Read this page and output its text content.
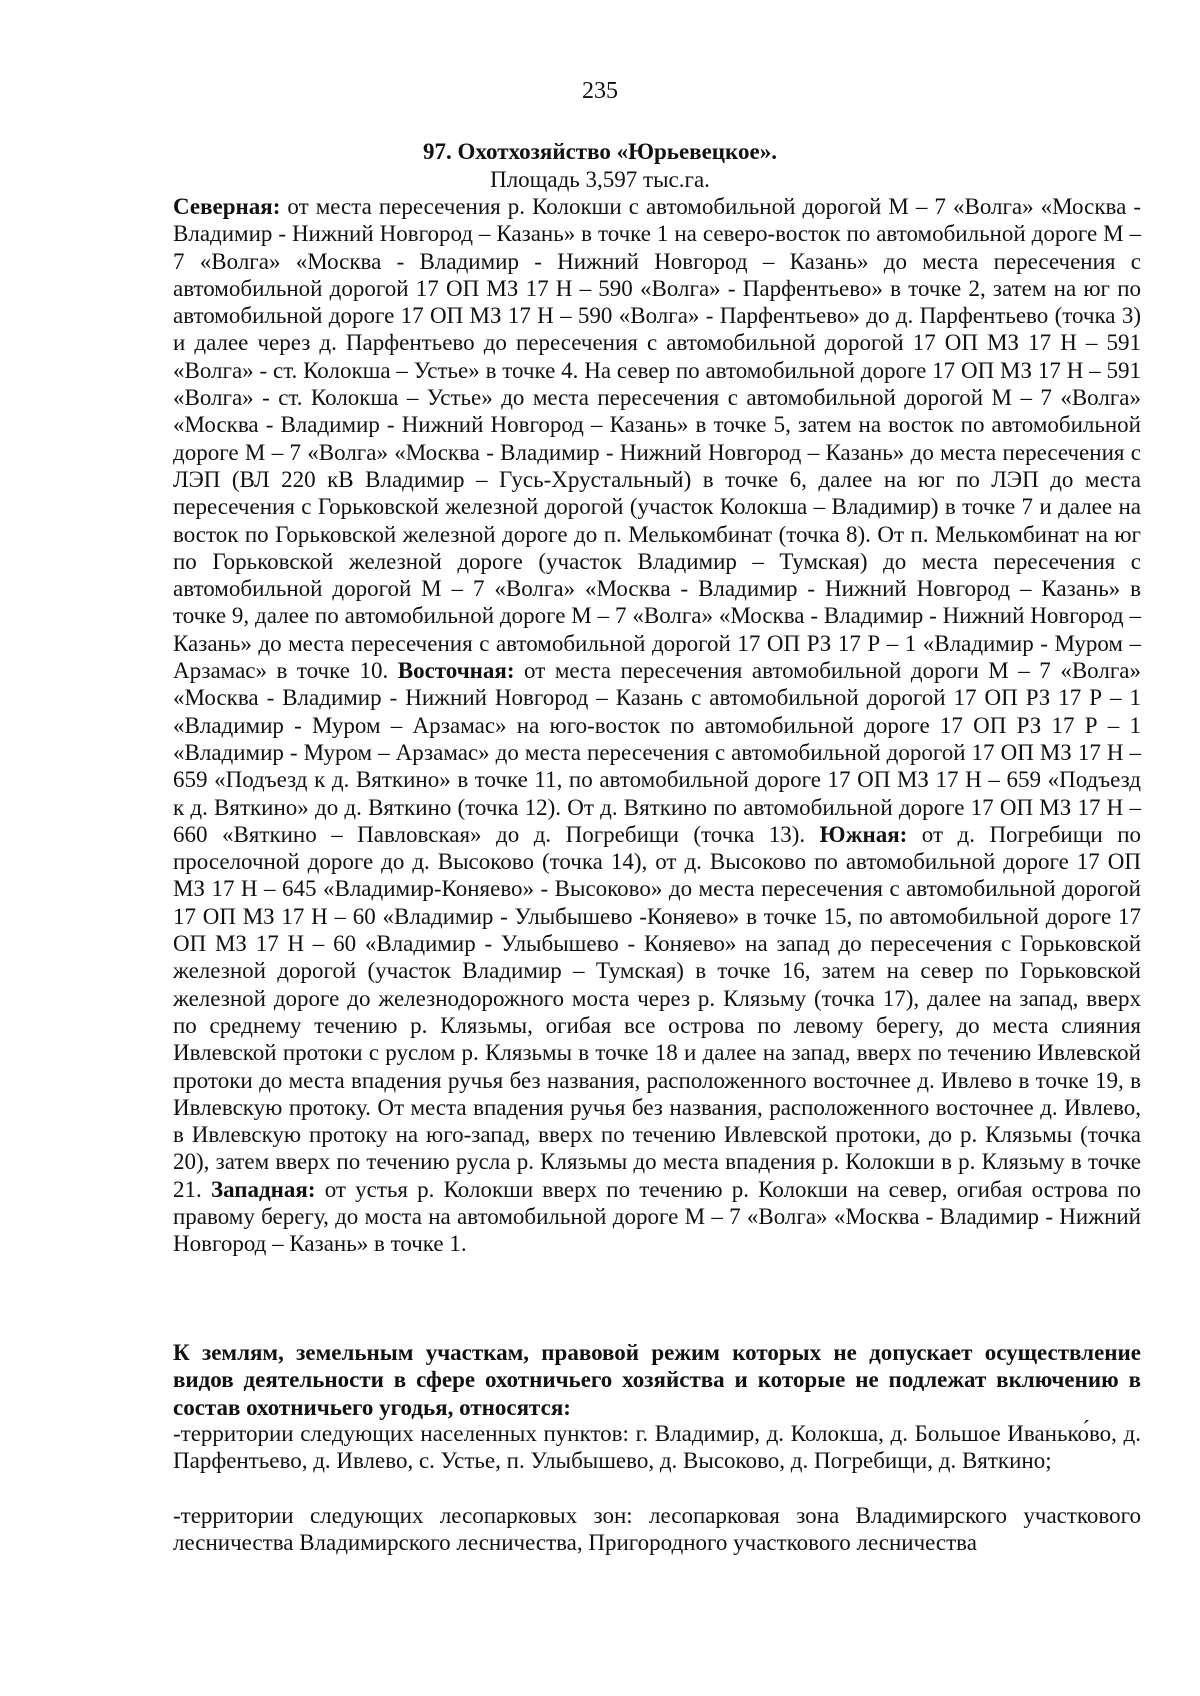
235
97. Охотхозяйство «Юрьевецкое».
Площадь 3,597 тыс.га.

Северная: от места пересечения р. Колокши с автомобильной дорогой М – 7 «Волга» «Москва - Владимир - Нижний Новгород – Казань» в точке 1 на северо-восток по автомобильной дороге М – 7 «Волга» «Москва - Владимир - Нижний Новгород – Казань» до места пересечения с автомобильной дорогой 17 ОП МЗ 17 Н – 590 «Волга» - Парфентьево» в точке 2, затем на юг по автомобильной дороге 17 ОП МЗ 17 Н – 590 «Волга» - Парфентьево» до д. Парфентьево (точка 3) и далее через д. Парфентьево до пересечения с автомобильной дорогой 17 ОП МЗ 17 Н – 591 «Волга» - ст. Колокша – Устье» в точке 4. На север по автомобильной дороге 17 ОП МЗ 17 Н – 591 «Волга» - ст. Колокша – Устье» до места пересечения с автомобильной дорогой М – 7 «Волга» «Москва - Владимир - Нижний Новгород – Казань» в точке 5, затем на восток по автомобильной дороге М – 7 «Волга» «Москва - Владимир - Нижний Новгород – Казань» до места пересечения с ЛЭП (ВЛ 220 кВ Владимир – Гусь-Хрустальный) в точке 6, далее на юг по ЛЭП до места пересечения с Горьковской железной дорогой (участок Колокша – Владимир) в точке 7 и далее на восток по Горьковской железной дороге до п. Мелькомбинат (точка 8). От п. Мелькомбинат на юг по Горьковской железной дороге (участок Владимир – Тумская) до места пересечения с автомобильной дорогой М – 7 «Волга» «Москва - Владимир - Нижний Новгород – Казань» в точке 9, далее по автомобильной дороге М – 7 «Волга» «Москва - Владимир - Нижний Новгород – Казань» до места пересечения с автомобильной дорогой 17 ОП РЗ 17 Р – 1 «Владимир - Муром – Арзамас» в точке 10. Восточная: от места пересечения автомобильной дороги М – 7 «Волга» «Москва - Владимир - Нижний Новгород – Казань с автомобильной дорогой 17 ОП РЗ 17 Р – 1 «Владимир - Муром – Арзамас» на юго-восток по автомобильной дороге 17 ОП РЗ 17 Р – 1 «Владимир - Муром – Арзамас» до места пересечения с автомобильной дорогой 17 ОП МЗ 17 Н – 659 «Подъезд к д. Вяткино» в точке 11, по автомобильной дороге 17 ОП МЗ 17 Н – 659 «Подъезд к д. Вяткино» до д. Вяткино (точка 12). От д. Вяткино по автомобильной дороге 17 ОП МЗ 17 Н – 660 «Вяткино – Павловская» до д. Погребищи (точка 13). Южная: от д. Погребищи по проселочной дороге до д. Высоково (точка 14), от д. Высоково по автомобильной дороге 17 ОП МЗ 17 Н – 645 «Владимир-Коняево» - Высоково» до места пересечения с автомобильной дорогой 17 ОП МЗ 17 Н – 60 «Владимир - Улыбышево -Коняево» в точке 15, по автомобильной дороге 17 ОП МЗ 17 Н – 60 «Владимир - Улыбышево - Коняево» на запад до пересечения с Горьковской железной дорогой (участок Владимир – Тумская) в точке 16, затем на север по Горьковской железной дороге до железнодорожного моста через р. Клязьму (точка 17), далее на запад, вверх по среднему течению р. Клязьмы, огибая все острова по левому берегу, до места слияния Ивлевской протоки с руслом р. Клязьмы в точке 18 и далее на запад, вверх по течению Ивлевской протоки до места впадения ручья без названия, расположенного восточнее д. Ивлево в точке 19, в Ивлевскую протоку. От места впадения ручья без названия, расположенного восточнее д. Ивлево, в Ивлевскую протоку на юго-запад, вверх по течению Ивлевской протоки, до р. Клязьмы (точка 20), затем вверх по течению русла р. Клязьмы до места впадения р. Колокши в р. Клязьму в точке 21. Западная: от устья р. Колокши вверх по течению р. Колокши на север, огибая острова по правому берегу, до моста на автомобильной дороге М – 7 «Волга» «Москва - Владимир - Нижний Новгород – Казань» в точке 1.

К землям, земельным участкам, правовой режим которых не допускает осуществление видов деятельности в сфере охотничьего хозяйства и которые не подлежат включению в состав охотничьего угодья, относятся:

-территории следующих населенных пунктов: г. Владимир, д. Колокша, д. Большое Иванько́во, д. Парфентьево, д. Ивлево, с. Устье, п. Улыбышево, д. Высоково, д. Погребищи, д. Вяткино;

-территории следующих лесопарковых зон: лесопарковая зона Владимирского участкового лесничества Владимирского лесничества, Пригородного участкового лесничества
